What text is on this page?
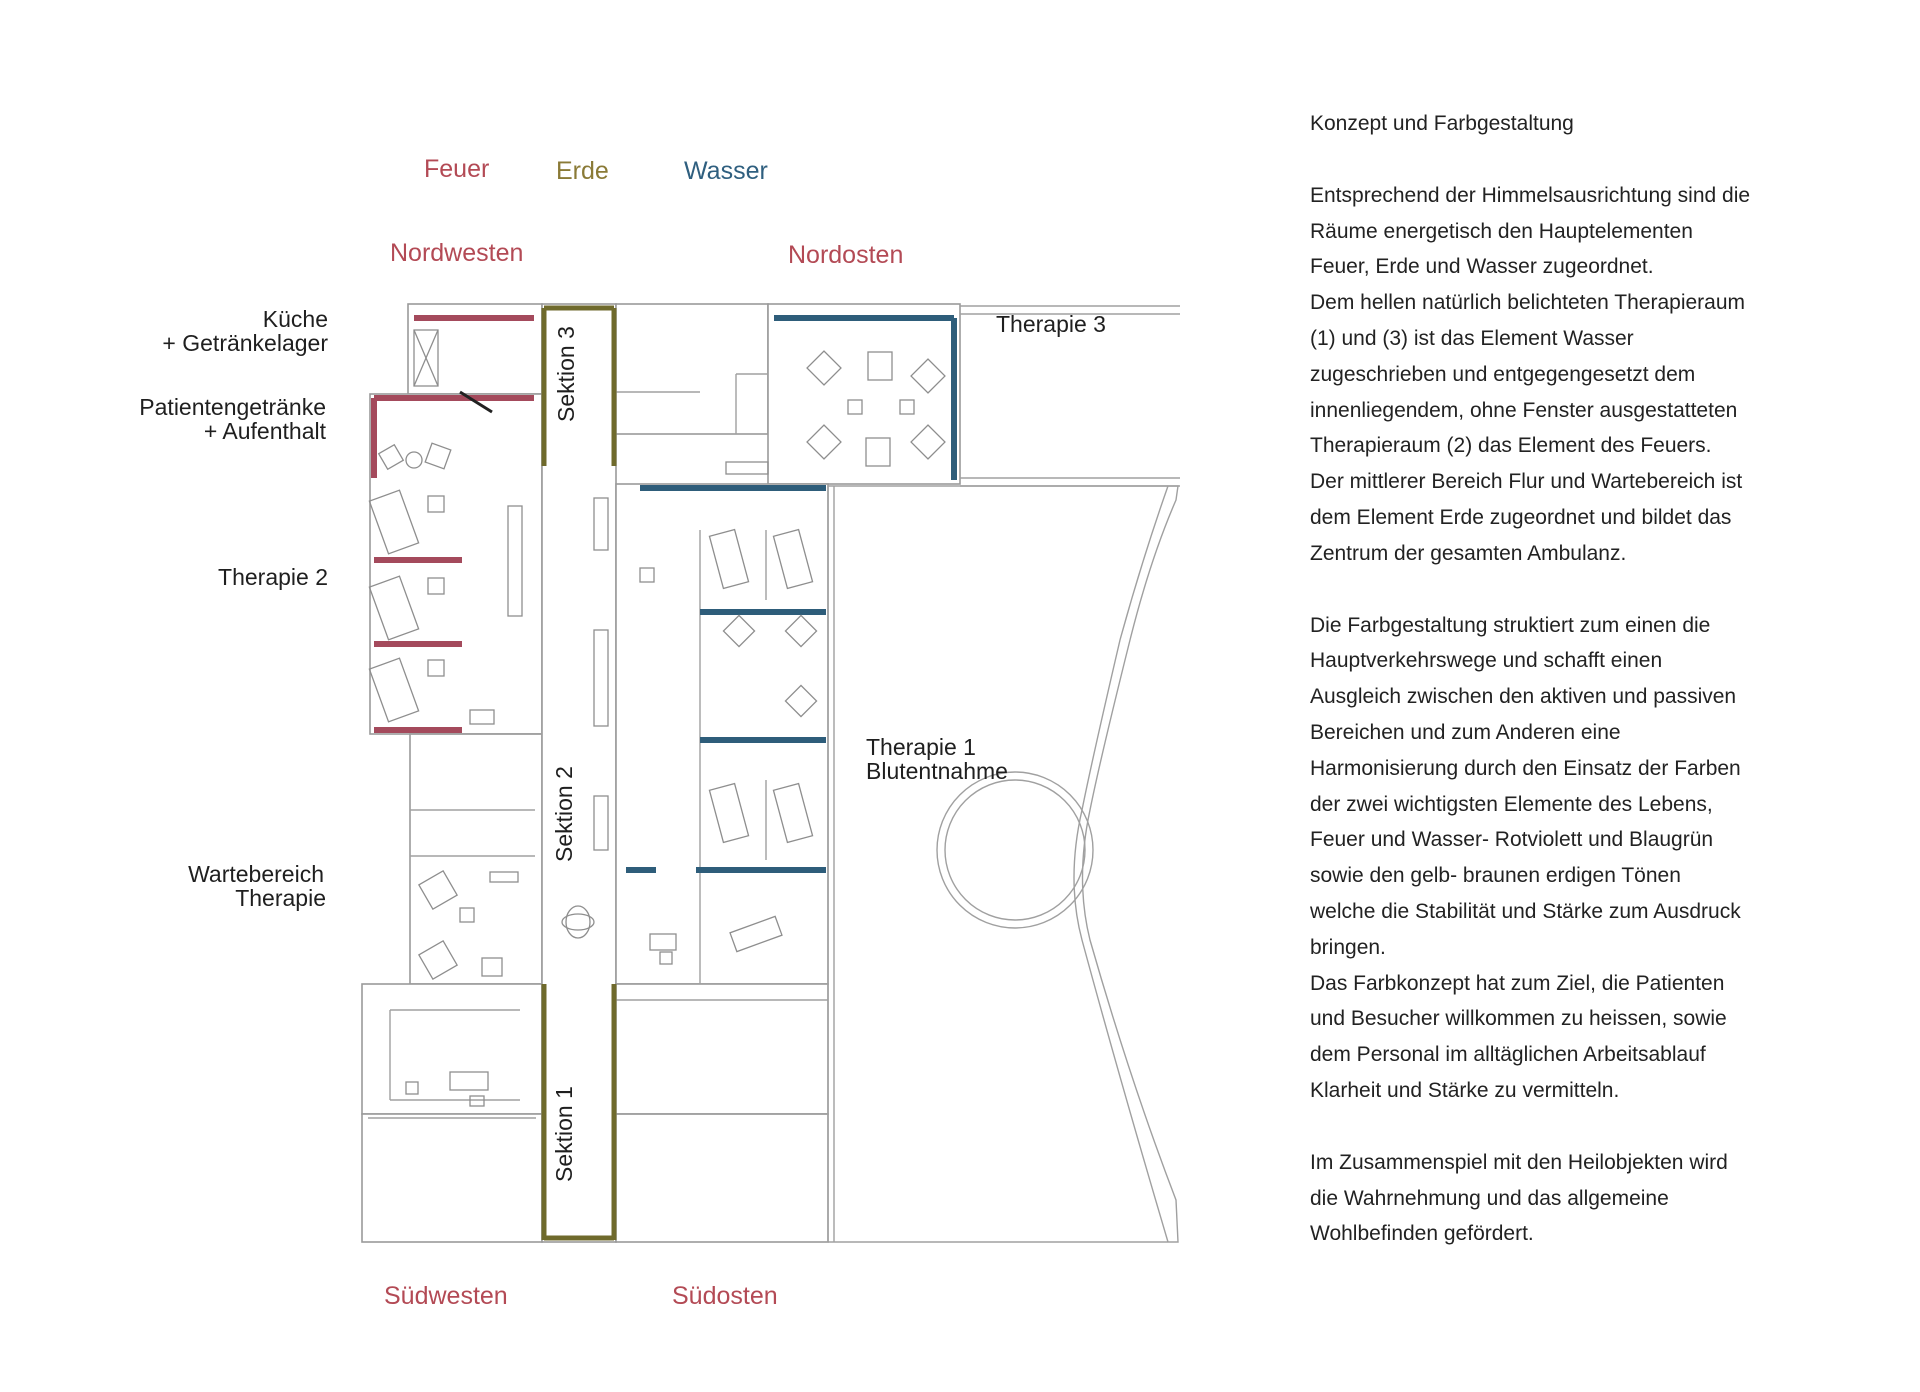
Feuer	Erde	Wasser
Nordwesten	Nordosten
Südwesten	Südosten
Küche
+ Getränkelager
Patientengetränke
+ Aufenthalt
Therapie 2
Wartebereich
Therapie
Therapie 3
Therapie 1
Blutentnahme
Sektion 3
Sektion 2
Sektion 1
Konzept und Farbgestaltung
Entsprechend der Himmelsausrichtung sind die
Räume energetisch den Hauptelementen
Feuer, Erde und Wasser zugeordnet.
Dem hellen natürlich belichteten Therapieraum
(1) und (3) ist das Element Wasser
zugeschrieben und entgegengesetzt dem
innenliegendem, ohne Fenster ausgestatteten
Therapieraum (2) das Element des Feuers.
Der mittlerer Bereich Flur und Wartebereich ist
dem Element Erde zugeordnet und bildet das
Zentrum der gesamten Ambulanz.
Die Farbgestaltung struktiert zum einen die
Hauptverkehrswege und schafft einen
Ausgleich zwischen den aktiven und passiven
Bereichen und zum Anderen eine
Harmonisierung durch den Einsatz der Farben
der zwei wichtigsten Elemente des Lebens,
Feuer und Wasser- Rotviolett und Blaugrün
sowie den gelb- braunen erdigen Tönen
welche die Stabilität und Stärke zum Ausdruck
bringen.
Das Farbkonzept hat zum Ziel, die Patienten
und Besucher willkommen zu heissen, sowie
dem Personal im alltäglichen Arbeitsablauf
Klarheit und Stärke zu vermitteln.
Im Zusammenspiel mit den Heilobjekten wird
die Wahrnehmung und das allgemeine
Wohlbefinden gefördert.
